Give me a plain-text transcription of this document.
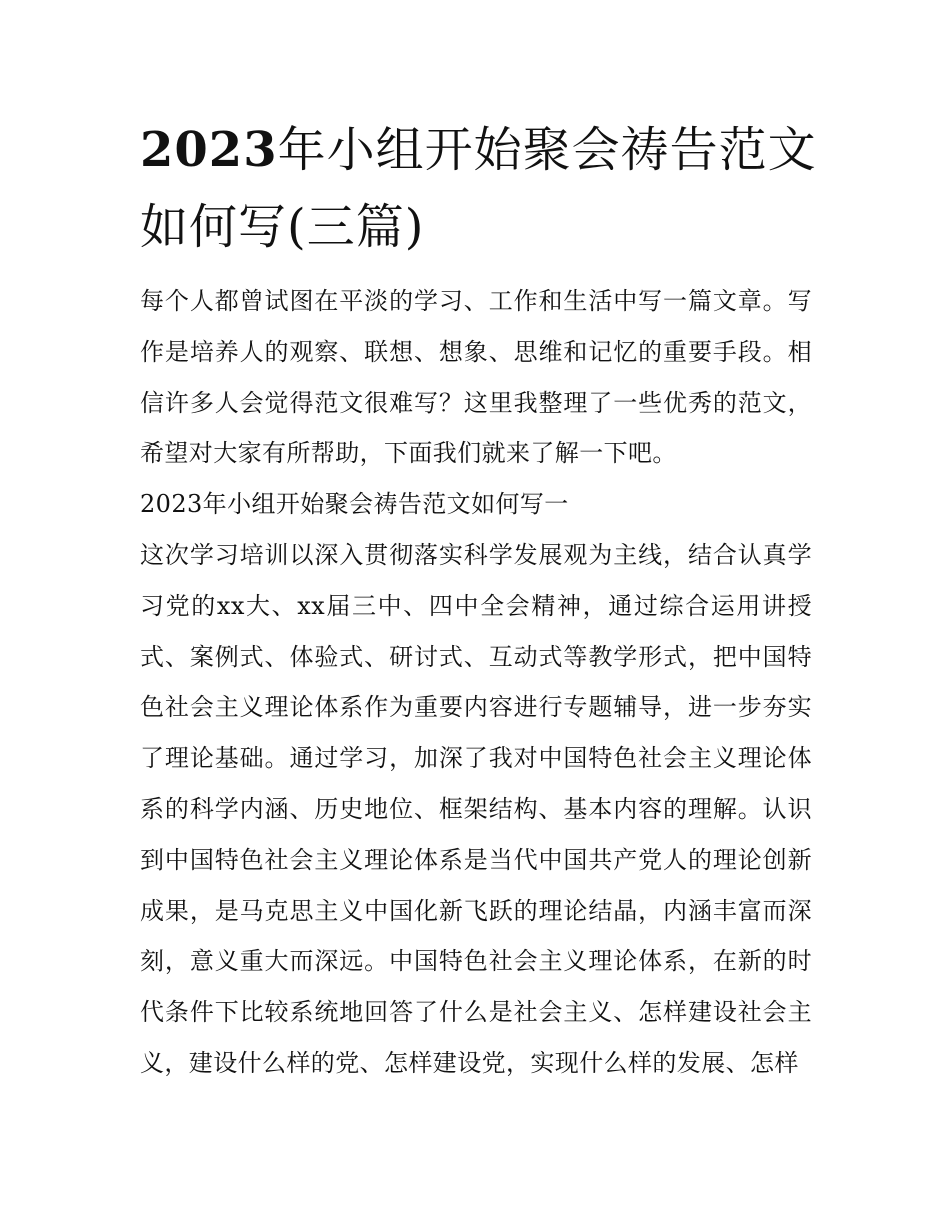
2023年小组开始聚会祷告范文如何写(三篇)

每个人都曾试图在平淡的学习、工作和生活中写一篇文章。写作是培养人的观察、联想、想象、思维和记忆的重要手段。相信许多人会觉得范文很难写？这里我整理了一些优秀的范文，希望对大家有所帮助，下面我们就来了解一下吧。

2023年小组开始聚会祷告范文如何写一

这次学习培训以深入贯彻落实科学发展观为主线，结合认真学习党的xx大、xx届三中、四中全会精神，通过综合运用讲授式、案例式、体验式、研讨式、互动式等教学形式，把中国特色社会主义理论体系作为重要内容进行专题辅导，进一步夯实了理论基础。通过学习，加深了我对中国特色社会主义理论体系的科学内涵、历史地位、框架结构、基本内容的理解。认识到中国特色社会主义理论体系是当代中国共产党人的理论创新成果，是马克思主义中国化新飞跃的理论结晶，内涵丰富而深刻，意义重大而深远。中国特色社会主义理论体系，在新的时代条件下比较系统地回答了什么是社会主义、怎样建设社会主义，建设什么样的党、怎样建设党，实现什么样的发展、怎样
